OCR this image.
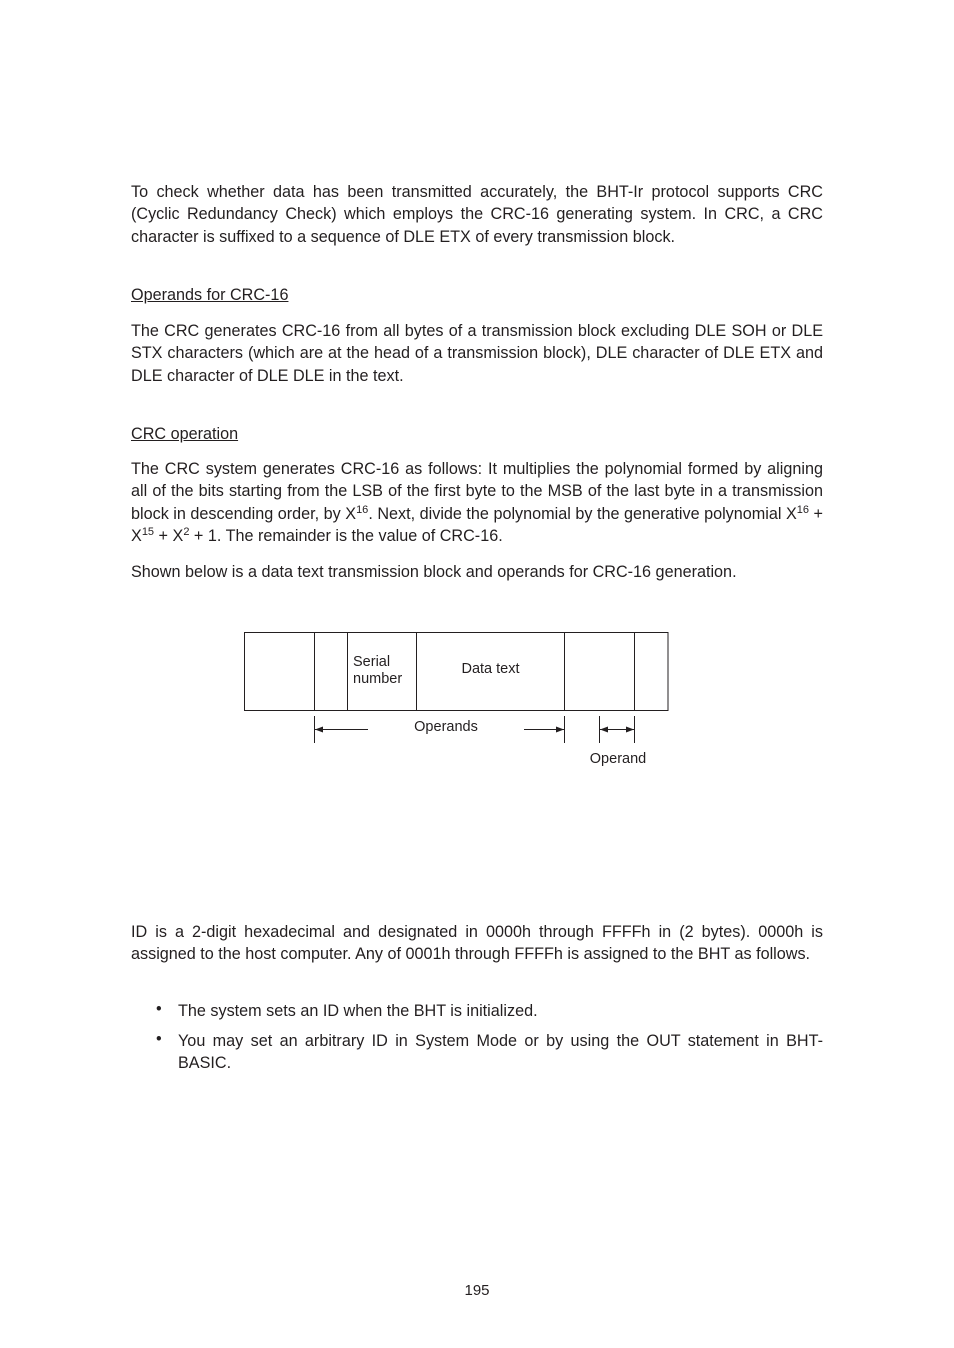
To check whether data has been transmitted accurately, the BHT-Ir protocol supports CRC (Cyclic Redundancy Check) which employs the CRC-16 generating system. In CRC, a CRC character is suffixed to a sequence of DLE ETX of every transmission block.

Operands for CRC-16

The CRC generates CRC-16 from all bytes of a transmission block excluding DLE SOH or DLE STX characters (which are at the head of a transmission block), DLE character of DLE ETX and DLE character of DLE DLE in the text.

CRC operation

The CRC system generates CRC-16 as follows: It multiplies the polynomial formed by aligning all of the bits starting from the LSB of the first byte to the MSB of the last byte in a transmission block in descending order, by $X^{16}$. Next, divide the polynomial by the generative polynomial $X^{16} + X^{15} + X^2 + 1$. The remainder is the value of CRC-16.

Shown below is a data text transmission block and operands for CRC-16 generation.

Serial
number
Data text
Operands
Operand

ID is a 2-digit hexadecimal and designated in 0000h through FFFFh in (2 bytes). 0000h is assigned to the host computer. Any of 0001h through FFFFh is assigned to the BHT as follows.

• The system sets an ID when the BHT is initialized.

• You may set an arbitrary ID in System Mode or by using the OUT statement in BHT-BASIC.

195
